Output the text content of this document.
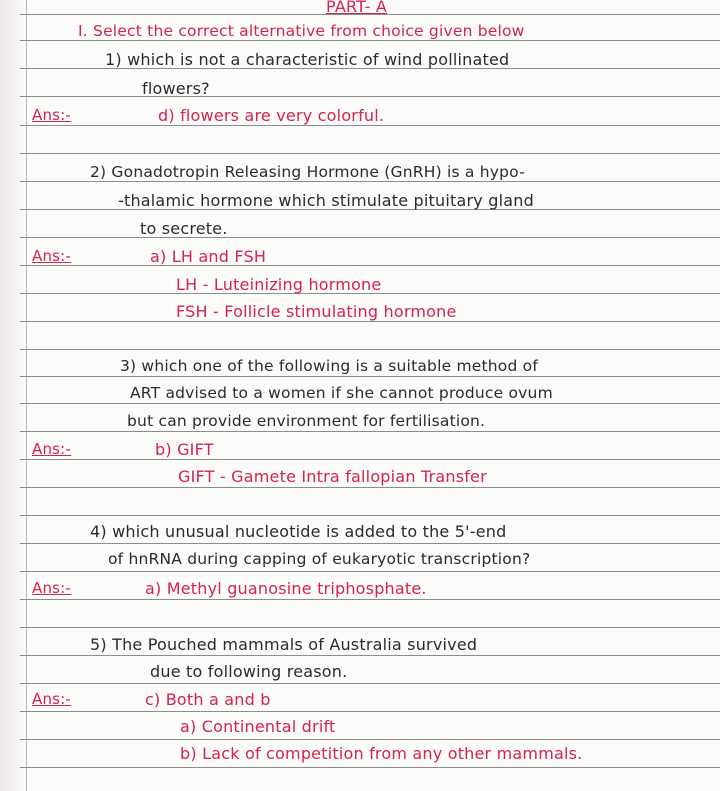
PART- A
I. Select the correct alternative from choice given below
1) which is not a characteristic of wind pollinated
flowers?
Ans:-	d) flowers are very colorful.
2) Gonadotropin Releasing Hormone (GnRH) is a hypo-
-thalamic hormone which stimulate pituitary gland
to secrete.
Ans:-	a) LH and FSH
LH - Luteinizing hormone
FSH - Follicle stimulating hormone
3) which one of the following is a suitable method of
ART advised to a women if she cannot produce ovum
but can provide environment for fertilisation.
Ans:-	b) GIFT
GIFT - Gamete Intra fallopian Transfer
4) which unusual nucleotide is added to the 5'-end
of hnRNA during capping of eukaryotic transcription?
Ans:-	a) Methyl guanosine triphosphate.
5) The Pouched mammals of Australia survived
due to following reason.
Ans:-	c) Both a and b
a) Continental drift
b) Lack of competition from any other mammals.
